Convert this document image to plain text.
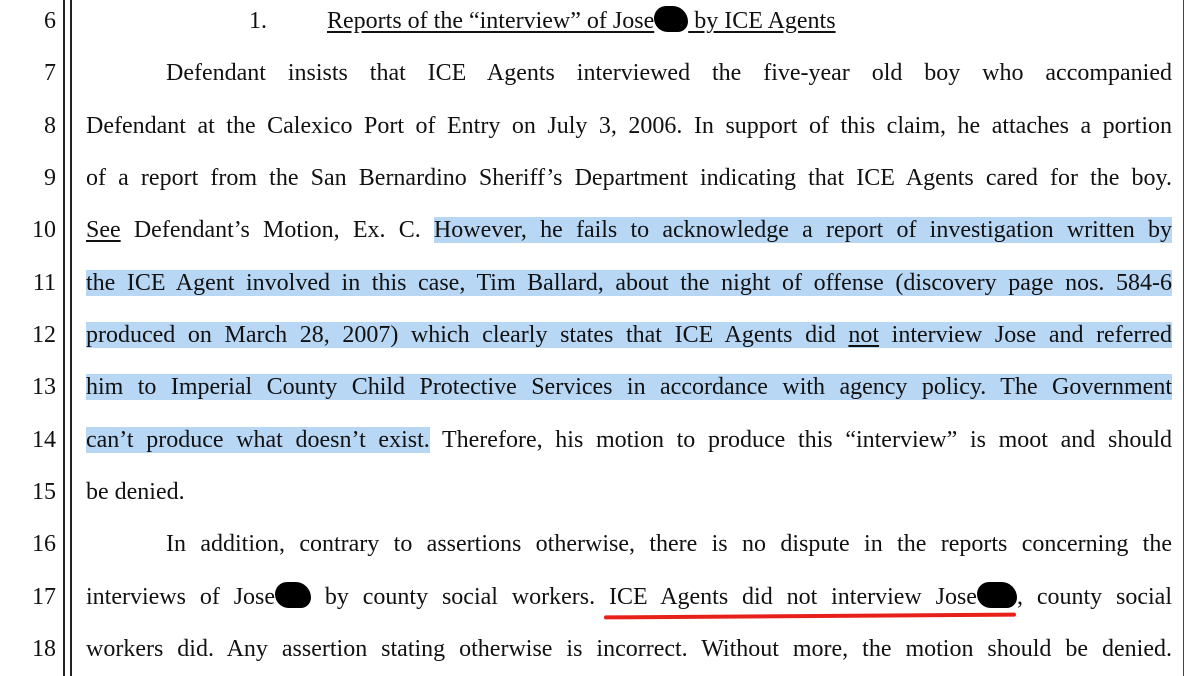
6
7
8
9
10
11
12
13
14
15
16
17
18
1.	Reports of the “interview” of Jose by ICE Agents
Defendant insists that ICE Agents interviewed the five-year old boy who accompanied
Defendant at the Calexico Port of Entry on July 3, 2006. In support of this claim, he attaches a portion
of a report from the San Bernardino Sheriff’s Department indicating that ICE Agents cared for the boy.
See Defendant’s Motion, Ex. C. However, he fails to acknowledge a report of investigation written by
the ICE Agent involved in this case, Tim Ballard, about the night of offense (discovery page nos. 584-6
produced on March 28, 2007) which clearly states that ICE Agents did not interview Jose and referred
him to Imperial County Child Protective Services in accordance with agency policy. The Government
can’t produce what doesn’t exist. Therefore, his motion to produce this “interview” is moot and should
be denied.
In addition, contrary to assertions otherwise, there is no dispute in the reports concerning the
interviews of Jose by county social workers. ICE Agents did not interview Jose , county social
workers did. Any assertion stating otherwise is incorrect. Without more, the motion should be denied.
